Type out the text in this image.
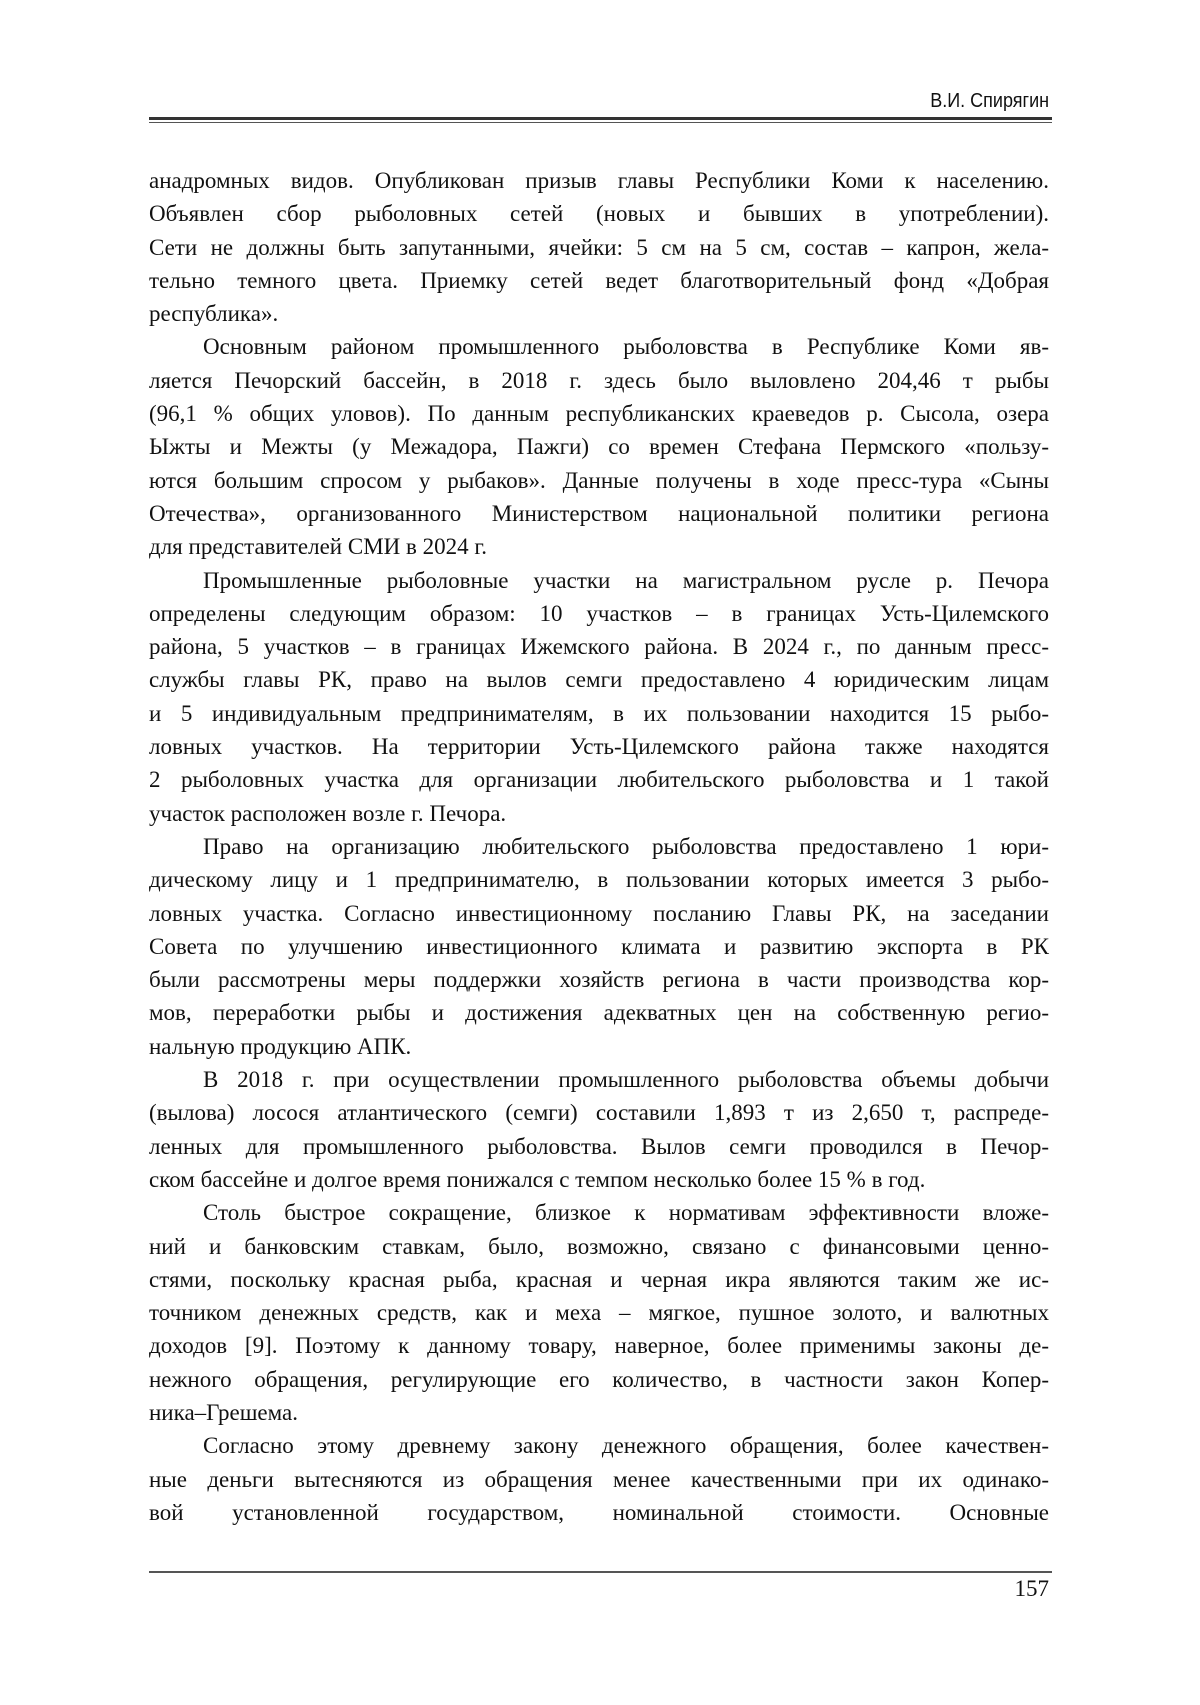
В.И. Спирягин
анадромных видов. Опубликован призыв главы Республики Коми к населению.
Объявлен сбор рыболовных сетей (новых и бывших в употреблении).
Сети не должны быть запутанными, ячейки: 5 см на 5 см, состав – капрон, жела-
тельно темного цвета. Приемку сетей ведет благотворительный фонд «Добрая
республика».
Основным районом промышленного рыболовства в Республике Коми яв-
ляется Печорский бассейн, в 2018 г. здесь было выловлено 204,46 т рыбы
(96,1 % общих уловов). По данным республиканских краеведов р. Сысола, озера
Ыжты и Межты (у Межадора, Пажги) со времен Стефана Пермского «пользу-
ются большим спросом у рыбаков». Данные получены в ходе пресс-тура «Сыны
Отечества», организованного Министерством национальной политики региона
для представителей СМИ в 2024 г.
Промышленные рыболовные участки на магистральном русле р. Печора
определены следующим образом: 10 участков – в границах Усть-Цилемского
района, 5 участков – в границах Ижемского района. В 2024 г., по данным пресс-
службы главы РК, право на вылов семги предоставлено 4 юридическим лицам
и 5 индивидуальным предпринимателям, в их пользовании находится 15 рыбо-
ловных участков. На территории Усть-Цилемского района также находятся
2 рыболовных участка для организации любительского рыболовства и 1 такой
участок расположен возле г. Печора.
Право на организацию любительского рыболовства предоставлено 1 юри-
дическому лицу и 1 предпринимателю, в пользовании которых имеется 3 рыбо-
ловных участка. Согласно инвестиционному посланию Главы РК, на заседании
Совета по улучшению инвестиционного климата и развитию экспорта в РК
были рассмотрены меры поддержки хозяйств региона в части производства кор-
мов, переработки рыбы и достижения адекватных цен на собственную регио-
нальную продукцию АПК.
В 2018 г. при осуществлении промышленного рыболовства объемы добычи
(вылова) лосося атлантического (семги) составили 1,893 т из 2,650 т, распреде-
ленных для промышленного рыболовства. Вылов семги проводился в Печор-
ском бассейне и долгое время понижался с темпом несколько более 15 % в год.
Столь быстрое сокращение, близкое к нормативам эффективности вложе-
ний и банковским ставкам, было, возможно, связано с финансовыми ценно-
стями, поскольку красная рыба, красная и черная икра являются таким же ис-
точником денежных средств, как и меха – мягкое, пушное золото, и валютных
доходов [9]. Поэтому к данному товару, наверное, более применимы законы де-
нежного обращения, регулирующие его количество, в частности закон Копер-
ника–Грешема.
Согласно этому древнему закону денежного обращения, более качествен-
ные деньги вытесняются из обращения менее качественными при их одинако-
вой установленной государством, номинальной стоимости. Основные
157
